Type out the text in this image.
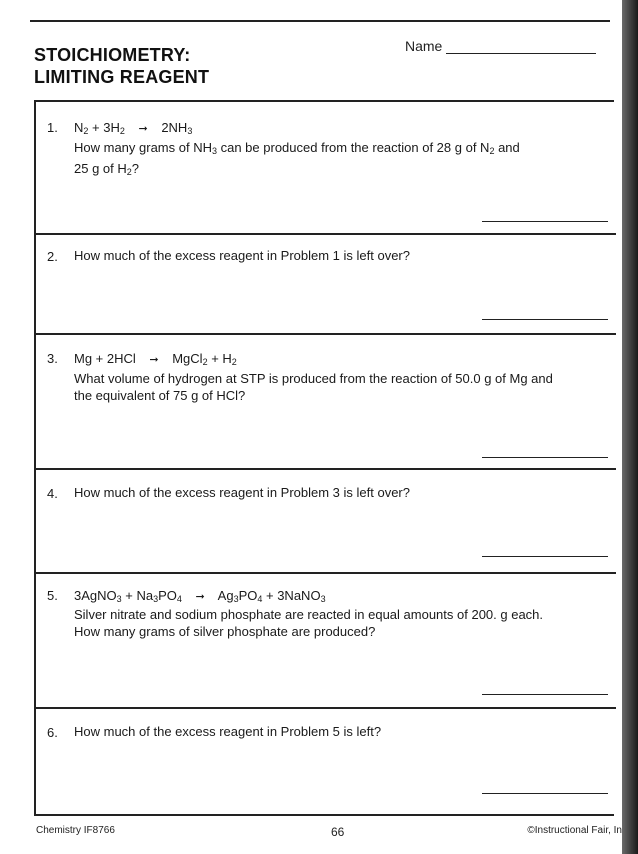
STOICHIOMETRY:
LIMITING REAGENT
Name
1. $N_2 + 3H_2$ ➞ $2NH_3$
How many grams of $NH_3$ can be produced from the reaction of 28 g of $N_2$ and
25 g of $H_2$?
2. How much of the excess reagent in Problem 1 is left over?
3. Mg + 2HCl ➞ MgCl$_2$ + $H_2$
What volume of hydrogen at STP is produced from the reaction of 50.0 g of Mg and
the equivalent of 75 g of HCl?
4. How much of the excess reagent in Problem 3 is left over?
5. 3AgNO$_3$ + $Na_3PO_4$ ➞ $Ag_3PO_4$ + 3NaNO$_3$
Silver nitrate and sodium phosphate are reacted in equal amounts of 200. g each.
How many grams of silver phosphate are produced?
6. How much of the excess reagent in Problem 5 is left?
Chemistry IF8766	66	©Instructional Fair, In
